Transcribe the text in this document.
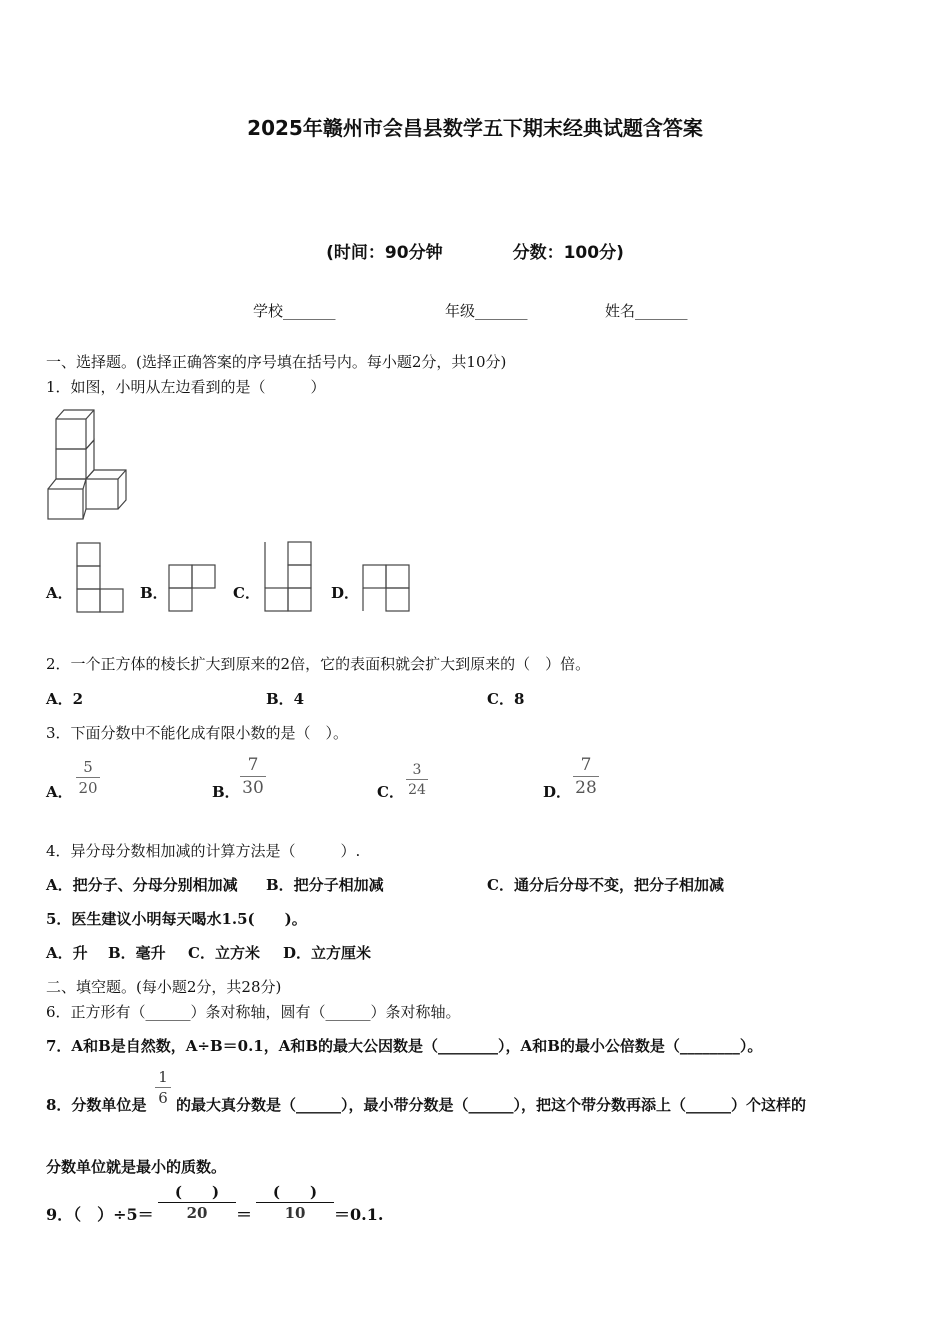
2025年赣州市会昌县数学五下期末经典试题含答案
(时间：90分钟	分数：100分)
学校_______	年级_______	姓名_______
一、选择题。(选择正确答案的序号填在括号内。每小题2分，共10分)
1．如图，小明从左边看到的是（　　　）
A．	B．	C．	D．
2．一个正方体的棱长扩大到原来的2倍，它的表面积就会扩大到原来的（　）倍。
A．2	B．4	C．8
3．下面分数中不能化成有限小数的是（　）。
A．
5
20	B．
7
30	C．
3
24	D．
7
28
4．异分母分数相加减的计算方法是（　　　）.
A．把分子、分母分别相加减 B．把分子相加减	C．通分后分母不变，把分子相加减
5．医生建议小明每天喝水1.5(　　)。
A．升 B．毫升 C．立方米 D．立方厘米
二、填空题。(每小题2分，共28分)
6．正方形有（______）条对称轴，圆有（______）条对称轴。
7．A和B是自然数，A÷B＝0.1，A和B的最大公因数是（________），A和B的最小公倍数是（________）。
8．分数单位是
1
6 的最大真分数是（______），最小带分数是（______），把这个带分数再添上（______）个这样的
分数单位就是最小的质数。
9．（　）÷5＝
(　　)
20	＝
(　　)
10	＝0.1.
